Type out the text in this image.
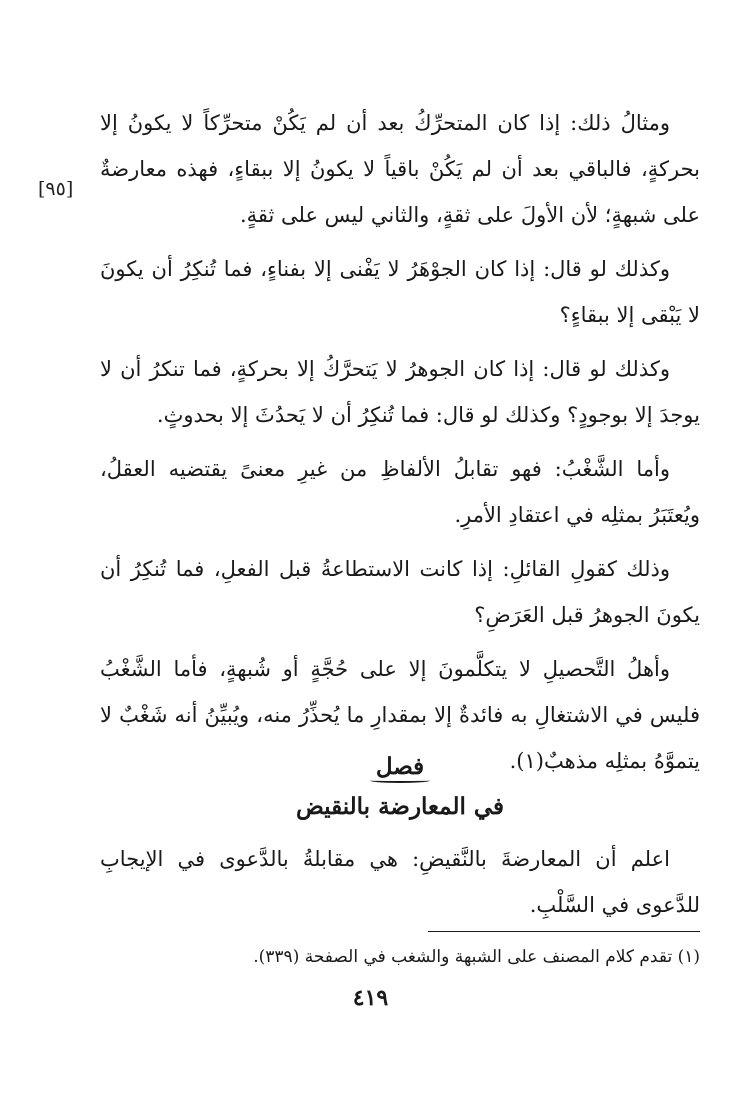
[٩٥]

ومثالُ ذلك: إذا كان المتحرِّكُ بعد أن لم يَكُنْ متحرِّكاً لا يكونُ إلا بحركةٍ، فالباقي بعد أن لم يَكُنْ باقياً لا يكونُ إلا ببقاءٍ، فهذه معارضةٌ على شبهةٍ؛ لأن الأولَ على ثقةٍ، والثاني ليس على ثقةٍ.

وكذلك لو قال: إذا كان الجوْهَرُ لا يَفْنى إلا بفناءٍ، فما تُنكِرُ أن يكونَ لا يَبْقى إلا ببقاءٍ؟

وكذلك لو قال: إذا كان الجوهرُ لا يَتحرَّكُ إلا بحركةٍ، فما تنكرُ أن لا يوجدَ إلا بوجودٍ؟ وكذلك لو قال: فما تُنكِرُ أن لا يَحدُثَ إلا بحدوثٍ.

وأما الشَّغْبُ: فهو تقابلُ الألفاظِ من غيرِ معنىً يقتضيه العقلُ، ويُعتَبَرُ بمثلِه في اعتقادِ الأمرِ.

وذلك كقولِ القائلِ: إذا كانت الاستطاعةُ قبل الفعلِ، فما تُنكِرُ أن يكونَ الجوهرُ قبل العَرَضِ؟

وأهلُ التَّحصيلِ لا يتكلَّمونَ إلا على حُجَّةٍ أو شُبهةٍ، فأما الشَّغْبُ فليس في الاشتغالِ به فائدةٌ إلا بمقدارِ ما يُحذِّرُ منه، ويُبيِّنُ أنه شَغْبٌ لا يتموَّهُ بمثلِه مذهبٌ(١).

فصل
في المعارضة بالنقيض

اعلم أن المعارضةَ بالنَّقيضِ: هي مقابلةُ بالدَّعوى في الإيجابِ للدَّعوى في السَّلْبِ.

(١) تقدم كلام المصنف على الشبهة والشغب في الصفحة (٣٣٩).
٤١٩
